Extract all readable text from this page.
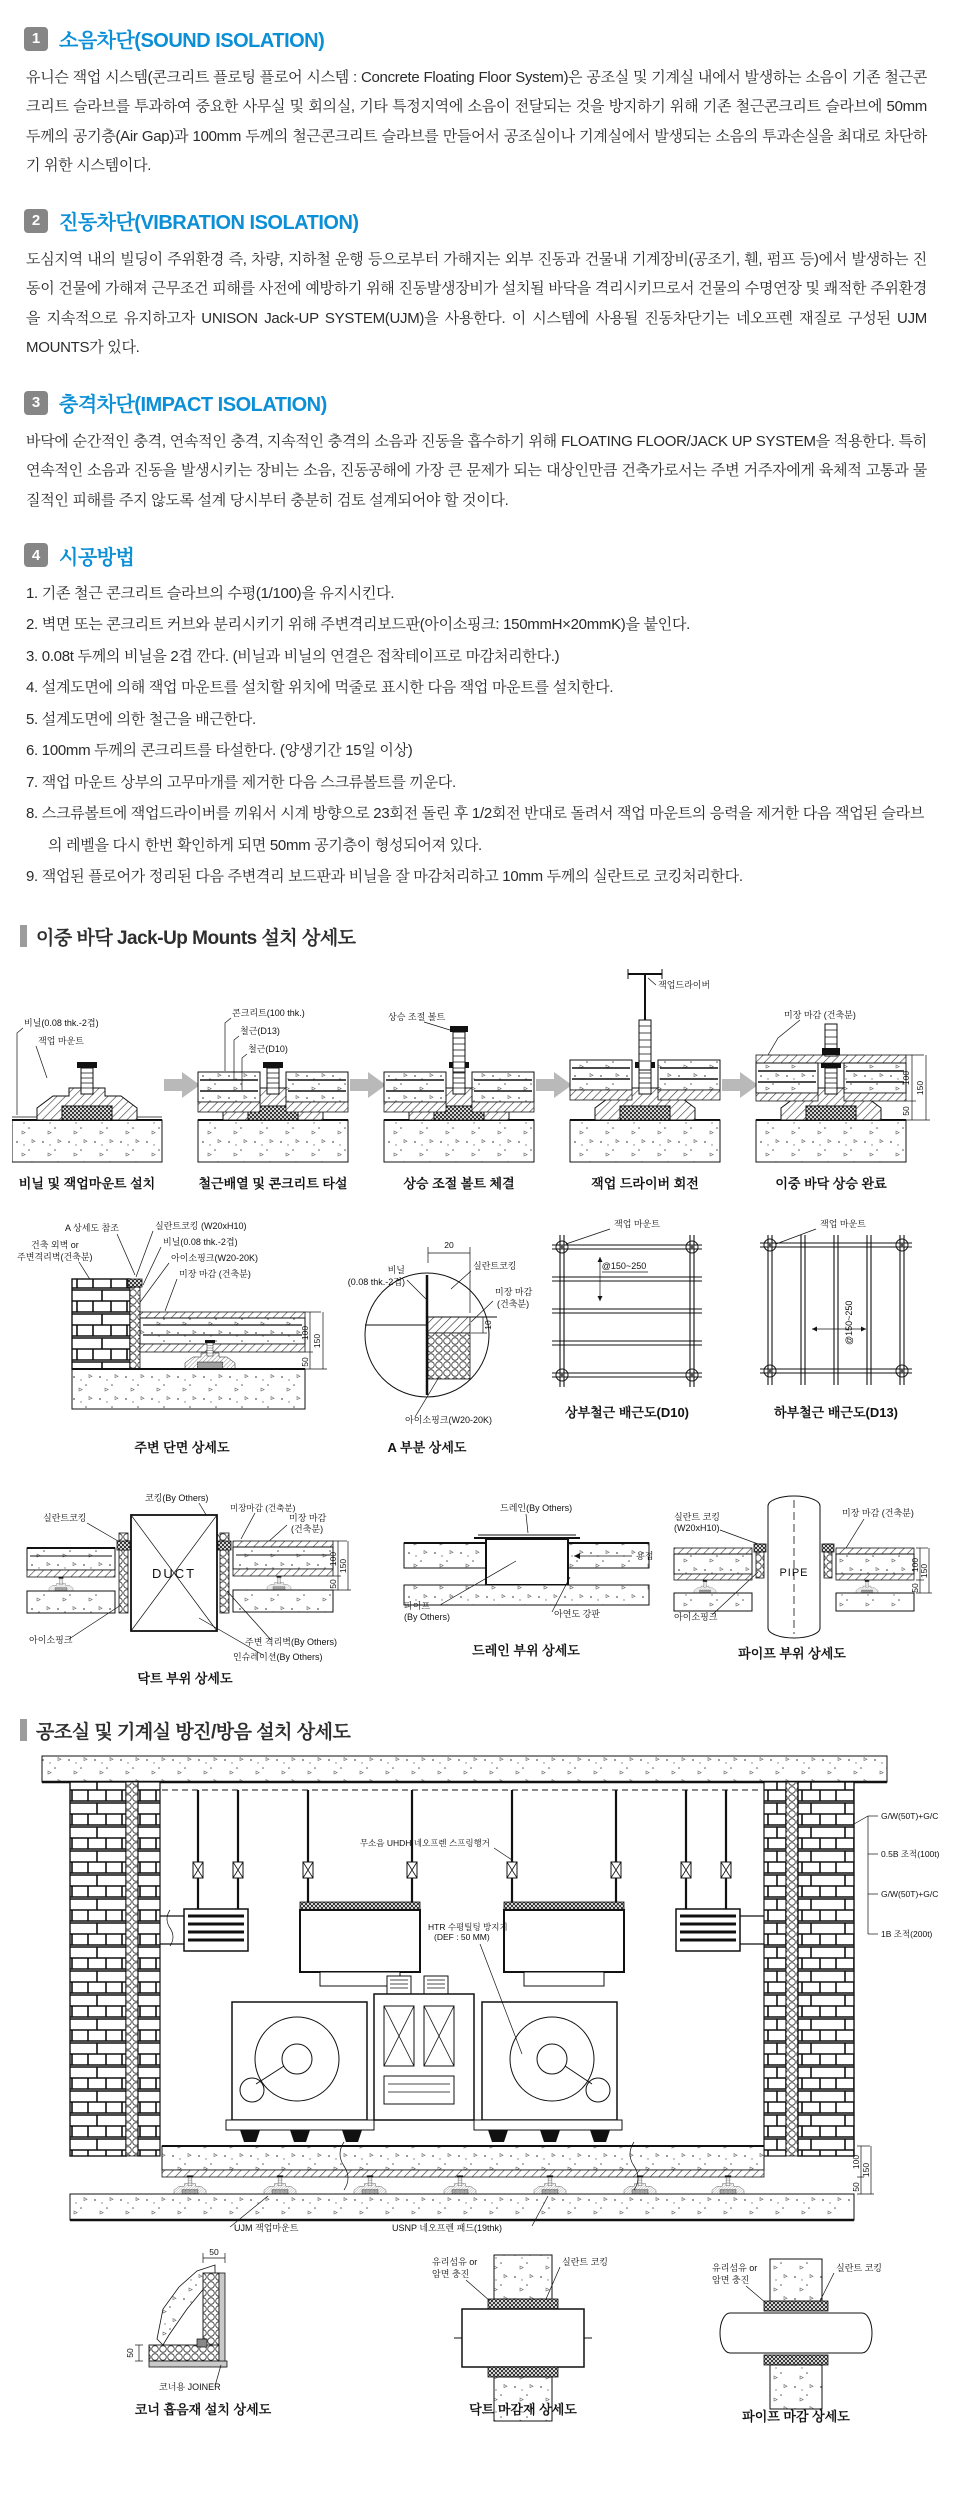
1 소음차단(SOUND ISOLATION)
유니슨 잭업 시스템(콘크리트 플로팅 플로어 시스템 : Concrete Floating Floor System)은 공조실 및 기계실 내에서 발생하는 소음이 기존 철근콘크리트 슬라브를 투과하여 중요한 사무실 및 회의실, 기타 특정지역에 소음이 전달되는 것을 방지하기 위해 기존 철근콘크리트 슬라브에 50mm 두께의 공기층(Air Gap)과 100mm 두께의 철근콘크리트 슬라브를 만들어서 공조실이나 기계실에서 발생되는 소음의 투과손실을 최대로 차단하기 위한 시스템이다.
2 진동차단(VIBRATION ISOLATION)
도심지역 내의 빌딩이 주위환경 즉, 차량, 지하철 운행 등으로부터 가해지는 외부 진동과 건물내 기계장비(공조기, 휀, 펌프 등)에서 발생하는 진동이 건물에 가해져 근무조건 피해를 사전에 예방하기 위해 진동발생장비가 설치될 바닥을 격리시키므로서 건물의 수명연장 및 쾌적한 주위환경을 지속적으로 유지하고자 UNISON Jack-UP SYSTEM(UJM)을 사용한다. 이 시스템에 사용될 진동차단기는 네오프렌 재질로 구성된 UJM MOUNTS가 있다.
3 충격차단(IMPACT ISOLATION)
바닥에 순간적인 충격, 연속적인 충격, 지속적인 충격의 소음과 진동을 흡수하기 위해 FLOATING FLOOR/JACK UP SYSTEM을 적용한다. 특히 연속적인 소음과 진동을 발생시키는 장비는 소음, 진동공해에 가장 큰 문제가 되는 대상인만큼 건축가로서는 주변 거주자에게 육체적 고통과 물질적인 피해를 주지 않도록 설계 당시부터 충분히 검토 설계되어야 할 것이다.
4 시공방법
1. 기존 철근 콘크리트 슬라브의 수평(1/100)을 유지시킨다.
2. 벽면 또는 콘크리트 커브와 분리시키기 위해 주변격리보드판(아이소핑크: 150mmH×20mmK)을 붙인다.
3. 0.08t 두께의 비닐을 2겹 깐다. (비닐과 비닐의 연결은 접착테이프로 마감처리한다.)
4. 설계도면에 의해 잭업 마운트를 설치할 위치에 먹줄로 표시한 다음 잭업 마운트를 설치한다.
5. 설계도면에 의한 철근을 배근한다.
6. 100mm 두께의 콘크리트를 타설한다. (양생기간 15일 이상)
7. 잭업 마운트 상부의 고무마개를 제거한 다음 스크류볼트를 끼운다.
8. 스크류볼트에 잭업드라이버를 끼워서 시계 방향으로 23회전 돌린 후 1/2회전 반대로 돌려서 잭업 마운트의 응력을 제거한 다음 잭업된 슬라브의 레벨을 다시 한번 확인하게 되면 50mm 공기층이 형성되어져 있다.
9. 잭업된 플로어가 정리된 다음 주변격리 보드판과 비닐을 잘 마감처리하고 10mm 두께의 실란트로 코킹처리한다.
이중 바닥 Jack-Up Mounts 설치 상세도
비닐(0.08 thk.-2겹)
잭업 마운트
비닐 및 잭업마운트 설치
콘크리트(100 thk.)
철근(D13)
철근(D10)
철근배열 및 콘크리트 타설
상승 조절 볼트
상승 조절 볼트 체결
잭업드라이버
잭업 드라이버 회전
미장 마감 (건축분)
100
50
150
이중 바닥 상승 완료
A 상세도 참조
건축 외벽 or
주변격리벽(건축분)
실란트코킹 (W20xH10)
비닐(0.08 thk.-2겹)
아이소핑크(W20-20K)
미장 마감 (건축분)
100
50
150
주변 단면 상세도
20
10
비닐
(0.08 thk.-2겹)
실란트코킹
미장 마감
(건축분)
아이소핑크(W20-20K)
A 부분 상세도
잭업 마운트
@150~250
상부철근 배근도(D10)
잭업 마운트
@150~250
하부철근 배근도(D13)
코킹(By Others)
미장마감 (건축분)
미장 마감
(건축분)
실란트코킹
DUCT
아이소핑크	주변 격리벽(By Others)
인슈레이션(By Others)
100
50
150
닥트 부위 상세도
드레인(By Others)
용접
파이프
(By Others)	아연도 강판
드레인 부위 상세도
실란트 코킹
(W20xH10)
미장 마감 (건축분)
PIPE
아이소핑크
100
50
150
파이프 부위 상세도
공조실 및 기계실 방진/방음 설치 상세도
무소음 UHDH 네오프렌 스프링행거
HTR 수평틸팅 방지기
(DEF : 50 MM)
G/W(50T)+G/C
0.5B 조적(100t)
G/W(50T)+G/C
1B 조적(200t)
100
50
150
UJM 잭업마운트	USNP 네오프렌 패드(19thk)
50
50
코너용 JOINER
코너 흡음재 설치 상세도
유리섬유 or
암면 충진
실란트 코킹
닥트 마감재 상세도
유리섬유 or
암면 충진
실란트 코킹
파이프 마감 상세도
